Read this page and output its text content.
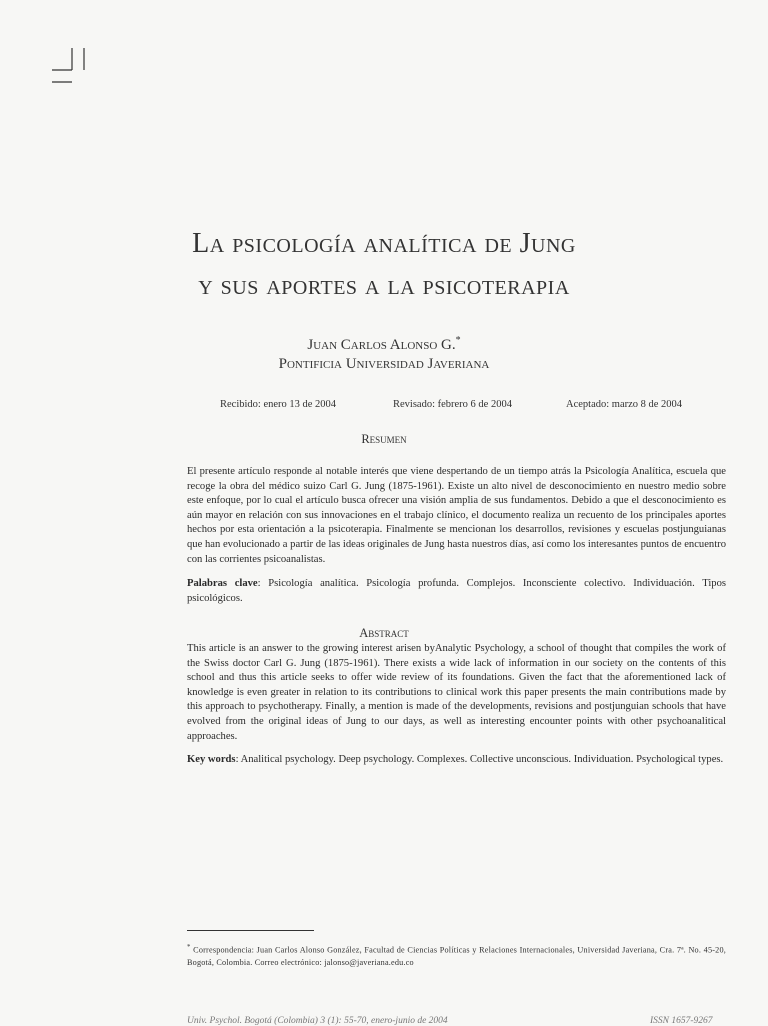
La psicología analítica de Jung
y sus aportes a la psicoterapia
Juan Carlos Alonso G.*
Pontificia Universidad Javeriana
Recibido: enero 13 de 2004	Revisado: febrero 6 de 2004	Aceptado: marzo 8 de 2004
Resumen
El presente artículo responde al notable interés que viene despertando de un tiempo atrás la Psicología Analítica, escuela que recoge la obra del médico suizo Carl G. Jung (1875-1961). Existe un alto nivel de desconocimiento en nuestro medio sobre este enfoque, por lo cual el artículo busca ofrecer una visión amplia de sus fundamentos. Debido a que el desconocimiento es aún mayor en relación con sus innovaciones en el trabajo clínico, el documento realiza un recuento de los principales aportes hechos por esta orientación a la psicoterapia. Finalmente se mencionan los desarrollos, revisiones y escuelas postjunguianas que han evolucionado a partir de las ideas originales de Jung hasta nuestros días, así como los interesantes puntos de encuentro con las corrientes psicoanalistas.
Palabras clave: Psicología analítica. Psicología profunda. Complejos. Inconsciente colectivo. Individuación. Tipos psicológicos.
Abstract
This article is an answer to the growing interest arisen byAnalytic Psychology, a school of thought that compiles the work of the Swiss doctor Carl G. Jung (1875-1961). There exists a wide lack of information in our society on the contents of this school and thus this article seeks to offer wide review of its foundations. Given the fact that the aforementioned lack of knowledge is even greater in relation to its contributions to clinical work this paper presents the main contributions made by this approach to psychotherapy. Finally, a mention is made of the developments, revisions and postjunguian schools that have evolved from the original ideas of Jung to our days, as well as interesting encounter points with other psychoanalitical approaches.
Key words: Analitical psychology. Deep psychology. Complexes. Collective unconscious. Individuation. Psychological types.
* Correspondencia: Juan Carlos Alonso González, Facultad de Ciencias Políticas y Relaciones Internacionales, Universidad Javeriana, Cra. 7ª. No. 45-20, Bogotá, Colombia. Correo electrónico: jalonso@javeriana.edu.co
Univ. Psychol. Bogotá (Colombia) 3 (1): 55-70, enero-junio de 2004	ISSN 1657-9267
